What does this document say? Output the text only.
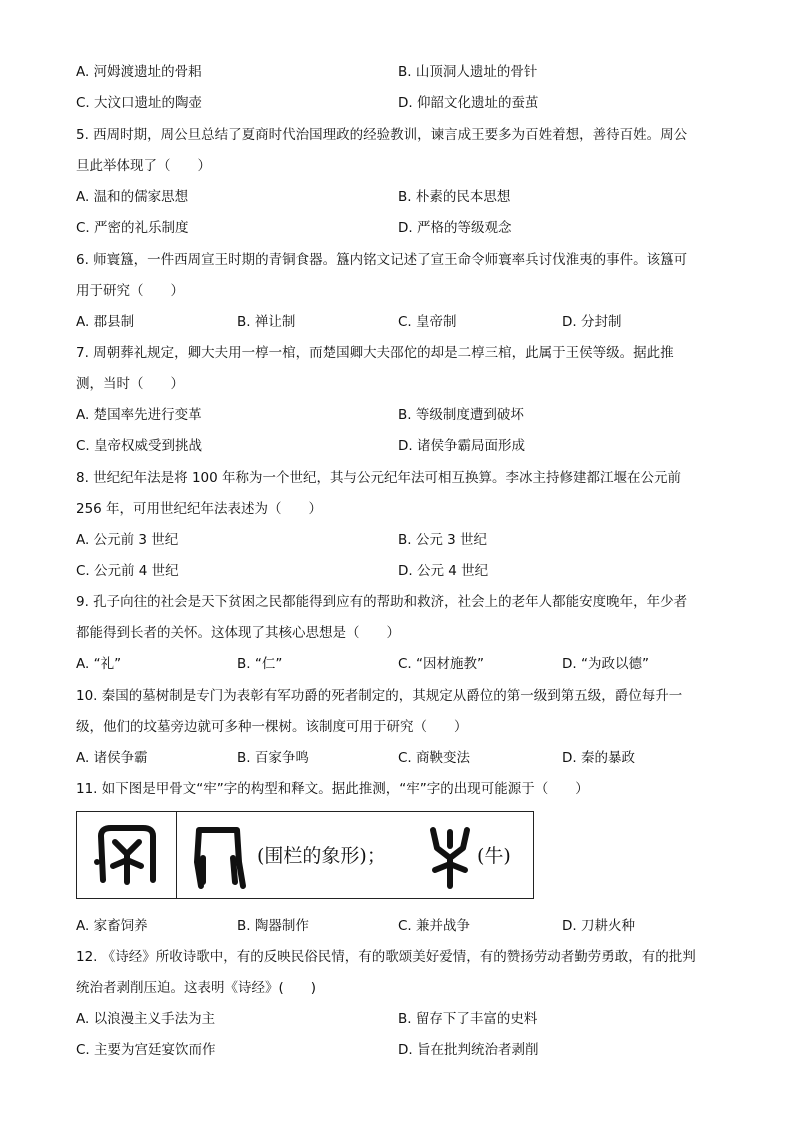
A. 河姆渡遗址的骨耜	B. 山顶洞人遗址的骨针
C. 大汶口遗址的陶壶	D. 仰韶文化遗址的蚕茧
5. 西周时期，周公旦总结了夏商时代治国理政的经验教训，谏言成王要多为百姓着想，善待百姓。周公
旦此举体现了（　　）
A. 温和的儒家思想	B. 朴素的民本思想
C. 严密的礼乐制度	D. 严格的等级观念
6. 师寰簋，一件西周宣王时期的青铜食器。簋内铭文记述了宣王命令师寰率兵讨伐淮夷的事件。该簋可
用于研究（　　）
A. 郡县制	B. 禅让制	C. 皇帝制	D. 分封制
7. 周朝葬礼规定，卿大夫用一椁一棺，而楚国卿大夫邵佗的却是二椁三棺，此属于王侯等级。据此推
测，当时（　　）
A. 楚国率先进行变革	B. 等级制度遭到破坏
C. 皇帝权威受到挑战	D. 诸侯争霸局面形成
8. 世纪纪年法是将 100 年称为一个世纪，其与公元纪年法可相互换算。李冰主持修建都江堰在公元前
256 年，可用世纪纪年法表述为（　　）
A. 公元前 3 世纪	B. 公元 3 世纪
C. 公元前 4 世纪	D. 公元 4 世纪
9. 孔子向往的社会是天下贫困之民都能得到应有的帮助和救济，社会上的老年人都能安度晚年，年少者
都能得到长者的关怀。这体现了其核心思想是（　　）
A. “礼”	B. “仁”	C. “因材施教”	D. “为政以德”
10. 秦国的墓树制是专门为表彰有军功爵的死者制定的，其规定从爵位的第一级到第五级，爵位每升一
级，他们的坟墓旁边就可多种一棵树。该制度可用于研究（　　）
A. 诸侯争霸	B. 百家争鸣	C. 商鞅变法	D. 秦的暴政
11. 如下图是甲骨文“牢”字的构型和释文。据此推测，“牢”字的出现可能源于（　　）
(围栏的象形)；	(牛)
A. 家畜饲养	B. 陶器制作	C. 兼并战争	D. 刀耕火种
12. 《诗经》所收诗歌中，有的反映民俗民情，有的歌颂美好爱情，有的赞扬劳动者勤劳勇敢，有的批判
统治者剥削压迫。这表明《诗经》(　　)
A. 以浪漫主义手法为主	B. 留存下了丰富的史料
C. 主要为宫廷宴饮而作	D. 旨在批判统治者剥削
